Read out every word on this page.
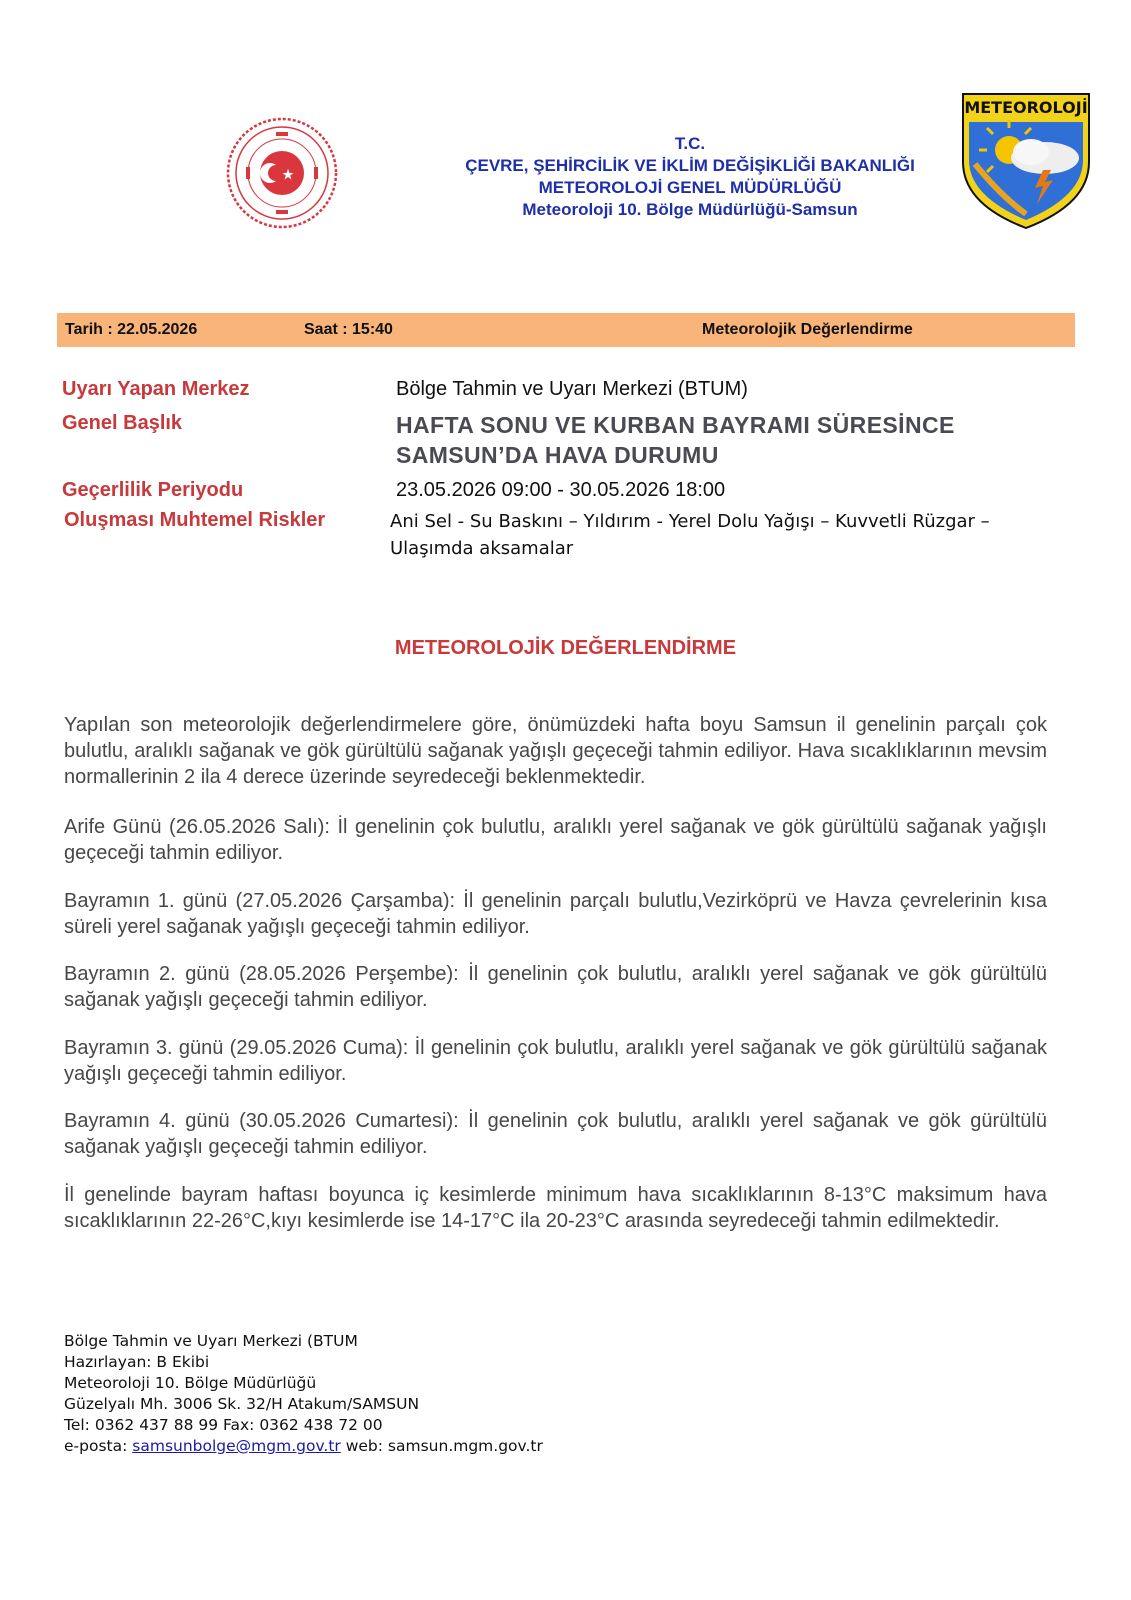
T.C.
ÇEVRE, ŞEHİRCİLİK VE İKLİM DEĞİŞİKLİĞİ BAKANLIĞI
METEOROLOJİ GENEL MÜDÜRLÜĞÜ
Meteoroloji 10. Bölge Müdürlüğü-Samsun
METEOROLOJİ
Tarih : 22.05.2026	Saat : 15:40	Meteorolojik Değerlendirme
Uyarı Yapan Merkez	Bölge Tahmin ve Uyarı Merkezi (BTUM)
Genel Başlık	HAFTA SONU VE KURBAN BAYRAMI SÜRESİNCE
SAMSUN’DA HAVA DURUMU
Geçerlilik Periyodu	23.05.2026 09:00 - 30.05.2026 18:00
Oluşması Muhtemel Riskler	Ani Sel - Su Baskını – Yıldırım - Yerel Dolu Yağışı – Kuvvetli Rüzgar –
Ulaşımda aksamalar
METEOROLOJİK DEĞERLENDİRME
Yapılan son meteorolojik değerlendirmelere göre, önümüzdeki hafta boyu Samsun il genelinin parçalı çok bulutlu, aralıklı sağanak ve gök gürültülü sağanak yağışlı geçeceği tahmin ediliyor. Hava sıcaklıklarının mevsim normallerinin 2 ila 4 derece üzerinde seyredeceği beklenmektedir.
Arife Günü (26.05.2026 Salı): İl genelinin çok bulutlu, aralıklı yerel sağanak ve gök gürültülü sağanak yağışlı geçeceği tahmin ediliyor.
Bayramın 1. günü (27.05.2026 Çarşamba): İl genelinin parçalı bulutlu,Vezirköprü ve Havza çevrelerinin kısa süreli yerel sağanak yağışlı geçeceği tahmin ediliyor.
Bayramın 2. günü (28.05.2026 Perşembe): İl genelinin çok bulutlu, aralıklı yerel sağanak ve gök gürültülü sağanak yağışlı geçeceği tahmin ediliyor.
Bayramın 3. günü (29.05.2026 Cuma): İl genelinin çok bulutlu, aralıklı yerel sağanak ve gök gürültülü sağanak yağışlı geçeceği tahmin ediliyor.
Bayramın 4. günü (30.05.2026 Cumartesi): İl genelinin çok bulutlu, aralıklı yerel sağanak ve gök gürültülü sağanak yağışlı geçeceği tahmin ediliyor.
İl genelinde bayram haftası boyunca iç kesimlerde minimum hava sıcaklıklarının 8-13°C maksimum hava sıcaklıklarının 22-26°C,kıyı kesimlerde ise 14-17°C ila 20-23°C arasında seyredeceği tahmin edilmektedir.
Bölge Tahmin ve Uyarı Merkezi (BTUM
Hazırlayan: B Ekibi
Meteoroloji 10. Bölge Müdürlüğü
Güzelyalı Mh. 3006 Sk. 32/H Atakum/SAMSUN
Tel: 0362 437 88 99 Fax: 0362 438 72 00
e-posta: samsunbolge@mgm.gov.tr web: samsun.mgm.gov.tr
